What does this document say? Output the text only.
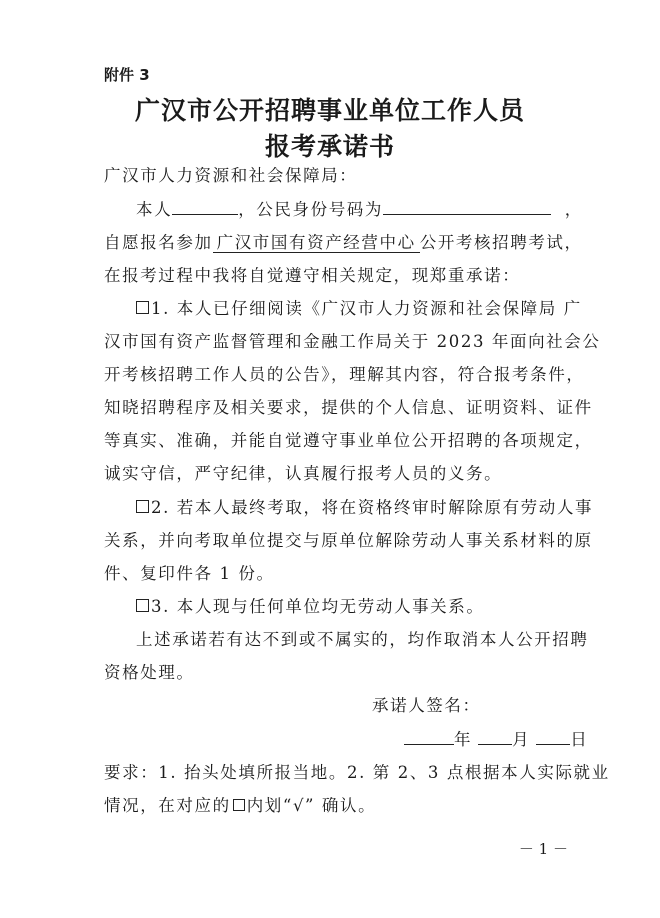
附件 3
广汉市公开招聘事业单位工作人员
报考承诺书
广汉市人力资源和社会保障局：
本人	，公民身份号码为	，
自愿报名参加 广汉市国有资产经营中心 公开考核招聘考试，
在报考过程中我将自觉遵守相关规定，现郑重承诺：
1. 本人已仔细阅读《广汉市人力资源和社会保障局 广
汉市国有资产监督管理和金融工作局关于 2023 年面向社会公
开考核招聘工作人员的公告》，理解其内容，符合报考条件，
知晓招聘程序及相关要求，提供的个人信息、证明资料、证件
等真实、准确，并能自觉遵守事业单位公开招聘的各项规定，
诚实守信，严守纪律，认真履行报考人员的义务。
2. 若本人最终考取，将在资格终审时解除原有劳动人事
关系，并向考取单位提交与原单位解除劳动人事关系材料的原
件、复印件各 1 份。
3. 本人现与任何单位均无劳动人事关系。
上述承诺若有达不到或不属实的，均作取消本人公开招聘
资格处理。
承诺人签名：
年 月 日
要求：1. 抬头处填所报当地。2. 第 2、3 点根据本人实际就业
情况，在对应的 内划“√” 确认。
－ 1 －
